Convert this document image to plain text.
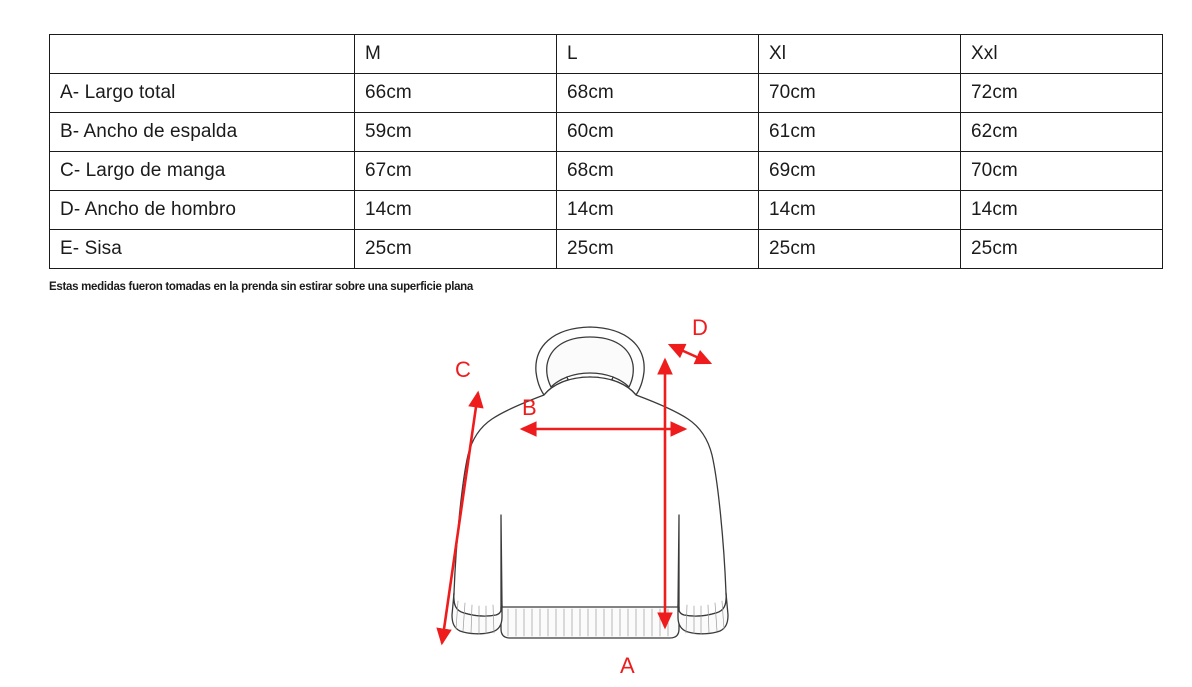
	M	L	Xl	Xxl
A- Largo total	66cm	68cm	70cm	72cm
B- Ancho de espalda	59cm	60cm	61cm	62cm
C- Largo de manga	67cm	68cm	69cm	70cm
D- Ancho de hombro	14cm	14cm	14cm	14cm
E- Sisa	25cm	25cm	25cm	25cm
Estas medidas fueron tomadas en la prenda sin estirar sobre una superficie plana
A
B
C
D
